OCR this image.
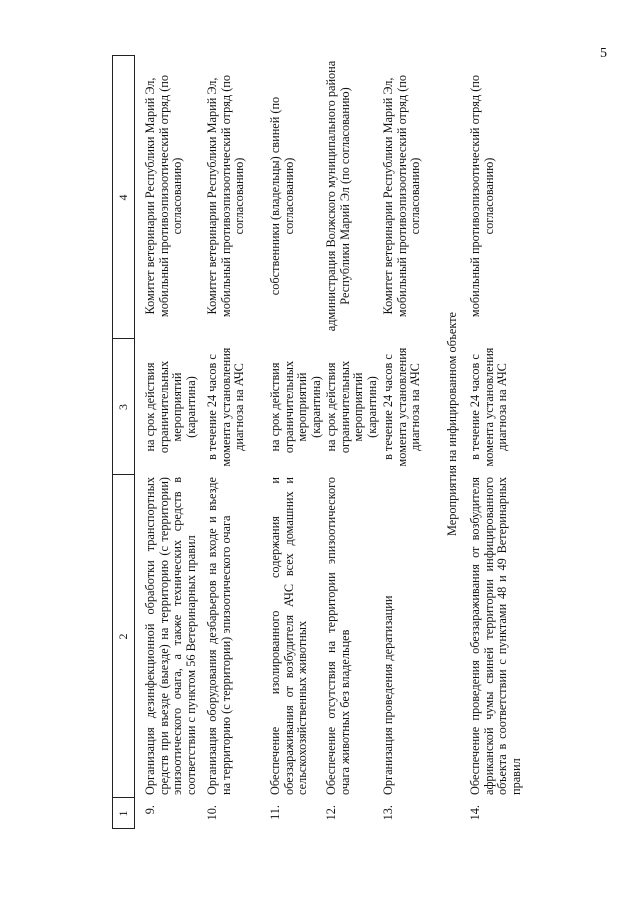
5
1
2
3
4
9.
Организация дезинфекционной обработки транспортных средств при въезде (выезде) на территорию (с территории) эпизоотического очага, а также технических средств в соответствии с пунктом 56 Ветеринарных правил
на срок действия ограничительных мероприятий (карантина)
Комитет ветеринарии Республики Марий Эл, мобильный противоэпизоотический отряд (по согласованию)
10.
Организация оборудования дезбарьеров на входе и въезде на территорию (с территории) эпизоотического очага
в течение 24 часов с момента установления диагноза на АЧС
Комитет ветеринарии Республики Марий Эл, мобильный противоэпизоотический отряд (по согласованию)
11.
Обеспечение изолированного содержания и обеззараживания от возбудителя АЧС всех домашних и сельскохозяйственных животных
на срок действия ограничительных мероприятий (карантина)
собственники (владельцы) свиней (по согласованию)
12.
Обеспечение отсутствия на территории эпизоотического очага животных без владельцев
на срок действия ограничительных мероприятий (карантина)
администрация Волжского муниципального района Республики Марий Эл (по согласованию)
13.
Организация проведения дератизации
в течение 24 часов с момента установления диагноза на АЧС
Комитет ветеринарии Республики Марий Эл, мобильный противоэпизоотический отряд (по согласованию)
Мероприятия на инфицированном объекте
14.
Обеспечение проведения обеззараживания от возбудителя африканской чумы свиней территории инфицированного объекта в соответствии с пунктами 48 и 49 Ветеринарных правил
в течение 24 часов с момента установления диагноза на АЧС
мобильный противоэпизоотический отряд (по согласованию)
